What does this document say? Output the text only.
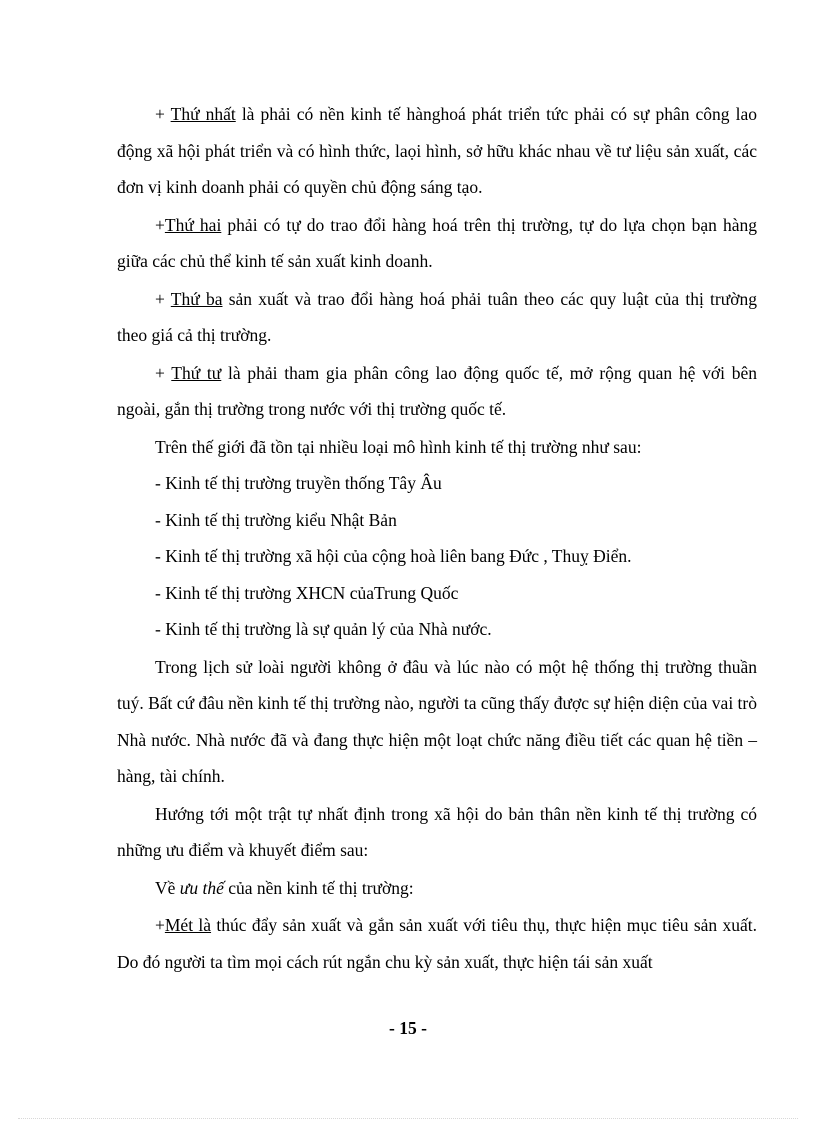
+ Thứ nhất là phải có nền kinh tế hànghoá phát triển tức phải có sự phân công lao động xã hội phát triển và có hình thức, laọi hình, sở hữu khác nhau về tư liệu sản xuất, các đơn vị kinh doanh phải có quyền chủ động sáng tạo.

+Thứ hai phải có tự do trao đổi hàng hoá trên thị trường, tự do lựa chọn bạn hàng giữa các chủ thể kinh tế sản xuất kinh doanh.

+ Thứ ba sản xuất và trao đổi hàng hoá phải tuân theo các quy luật của thị trường theo giá cả thị trường.

+ Thứ tư là phải tham gia phân công lao động quốc tế, mở rộng quan hệ với bên ngoài, gắn thị trường trong nước với thị trường quốc tế.

Trên thế giới đã tồn tại nhiều loại mô hình kinh tế thị trường như sau:

- Kinh tế thị trường truyền thống Tây Âu
- Kinh tế thị trường kiểu Nhật Bản
- Kinh tế thị trường xã hội của cộng hoà liên bang Đức , Thuỵ Điển.
- Kinh tế thị trường XHCN củaTrung Quốc
- Kinh tế thị trường là sự quản lý của Nhà nước.

Trong lịch sử loài người không ở đâu và lúc nào có một hệ thống thị trường thuần tuý. Bất cứ đâu nền kinh tế thị trường nào, người ta cũng thấy được sự hiện diện của vai trò Nhà nước. Nhà nước đã và đang thực hiện một loạt chức năng điều tiết các quan hệ tiền – hàng, tài chính.

Hướng tới một trật tự nhất định trong xã hội do bản thân nền kinh tế thị trường có những ưu điểm và khuyết điểm sau:

Về ưu thế của nền kinh tế thị trường:

+Mét là thúc đẩy sản xuất và gắn sản xuất với tiêu thụ, thực hiện mục tiêu sản xuất. Do đó người ta tìm mọi cách rút ngắn chu kỳ sản xuất, thực hiện tái sản xuất

- 15 -
